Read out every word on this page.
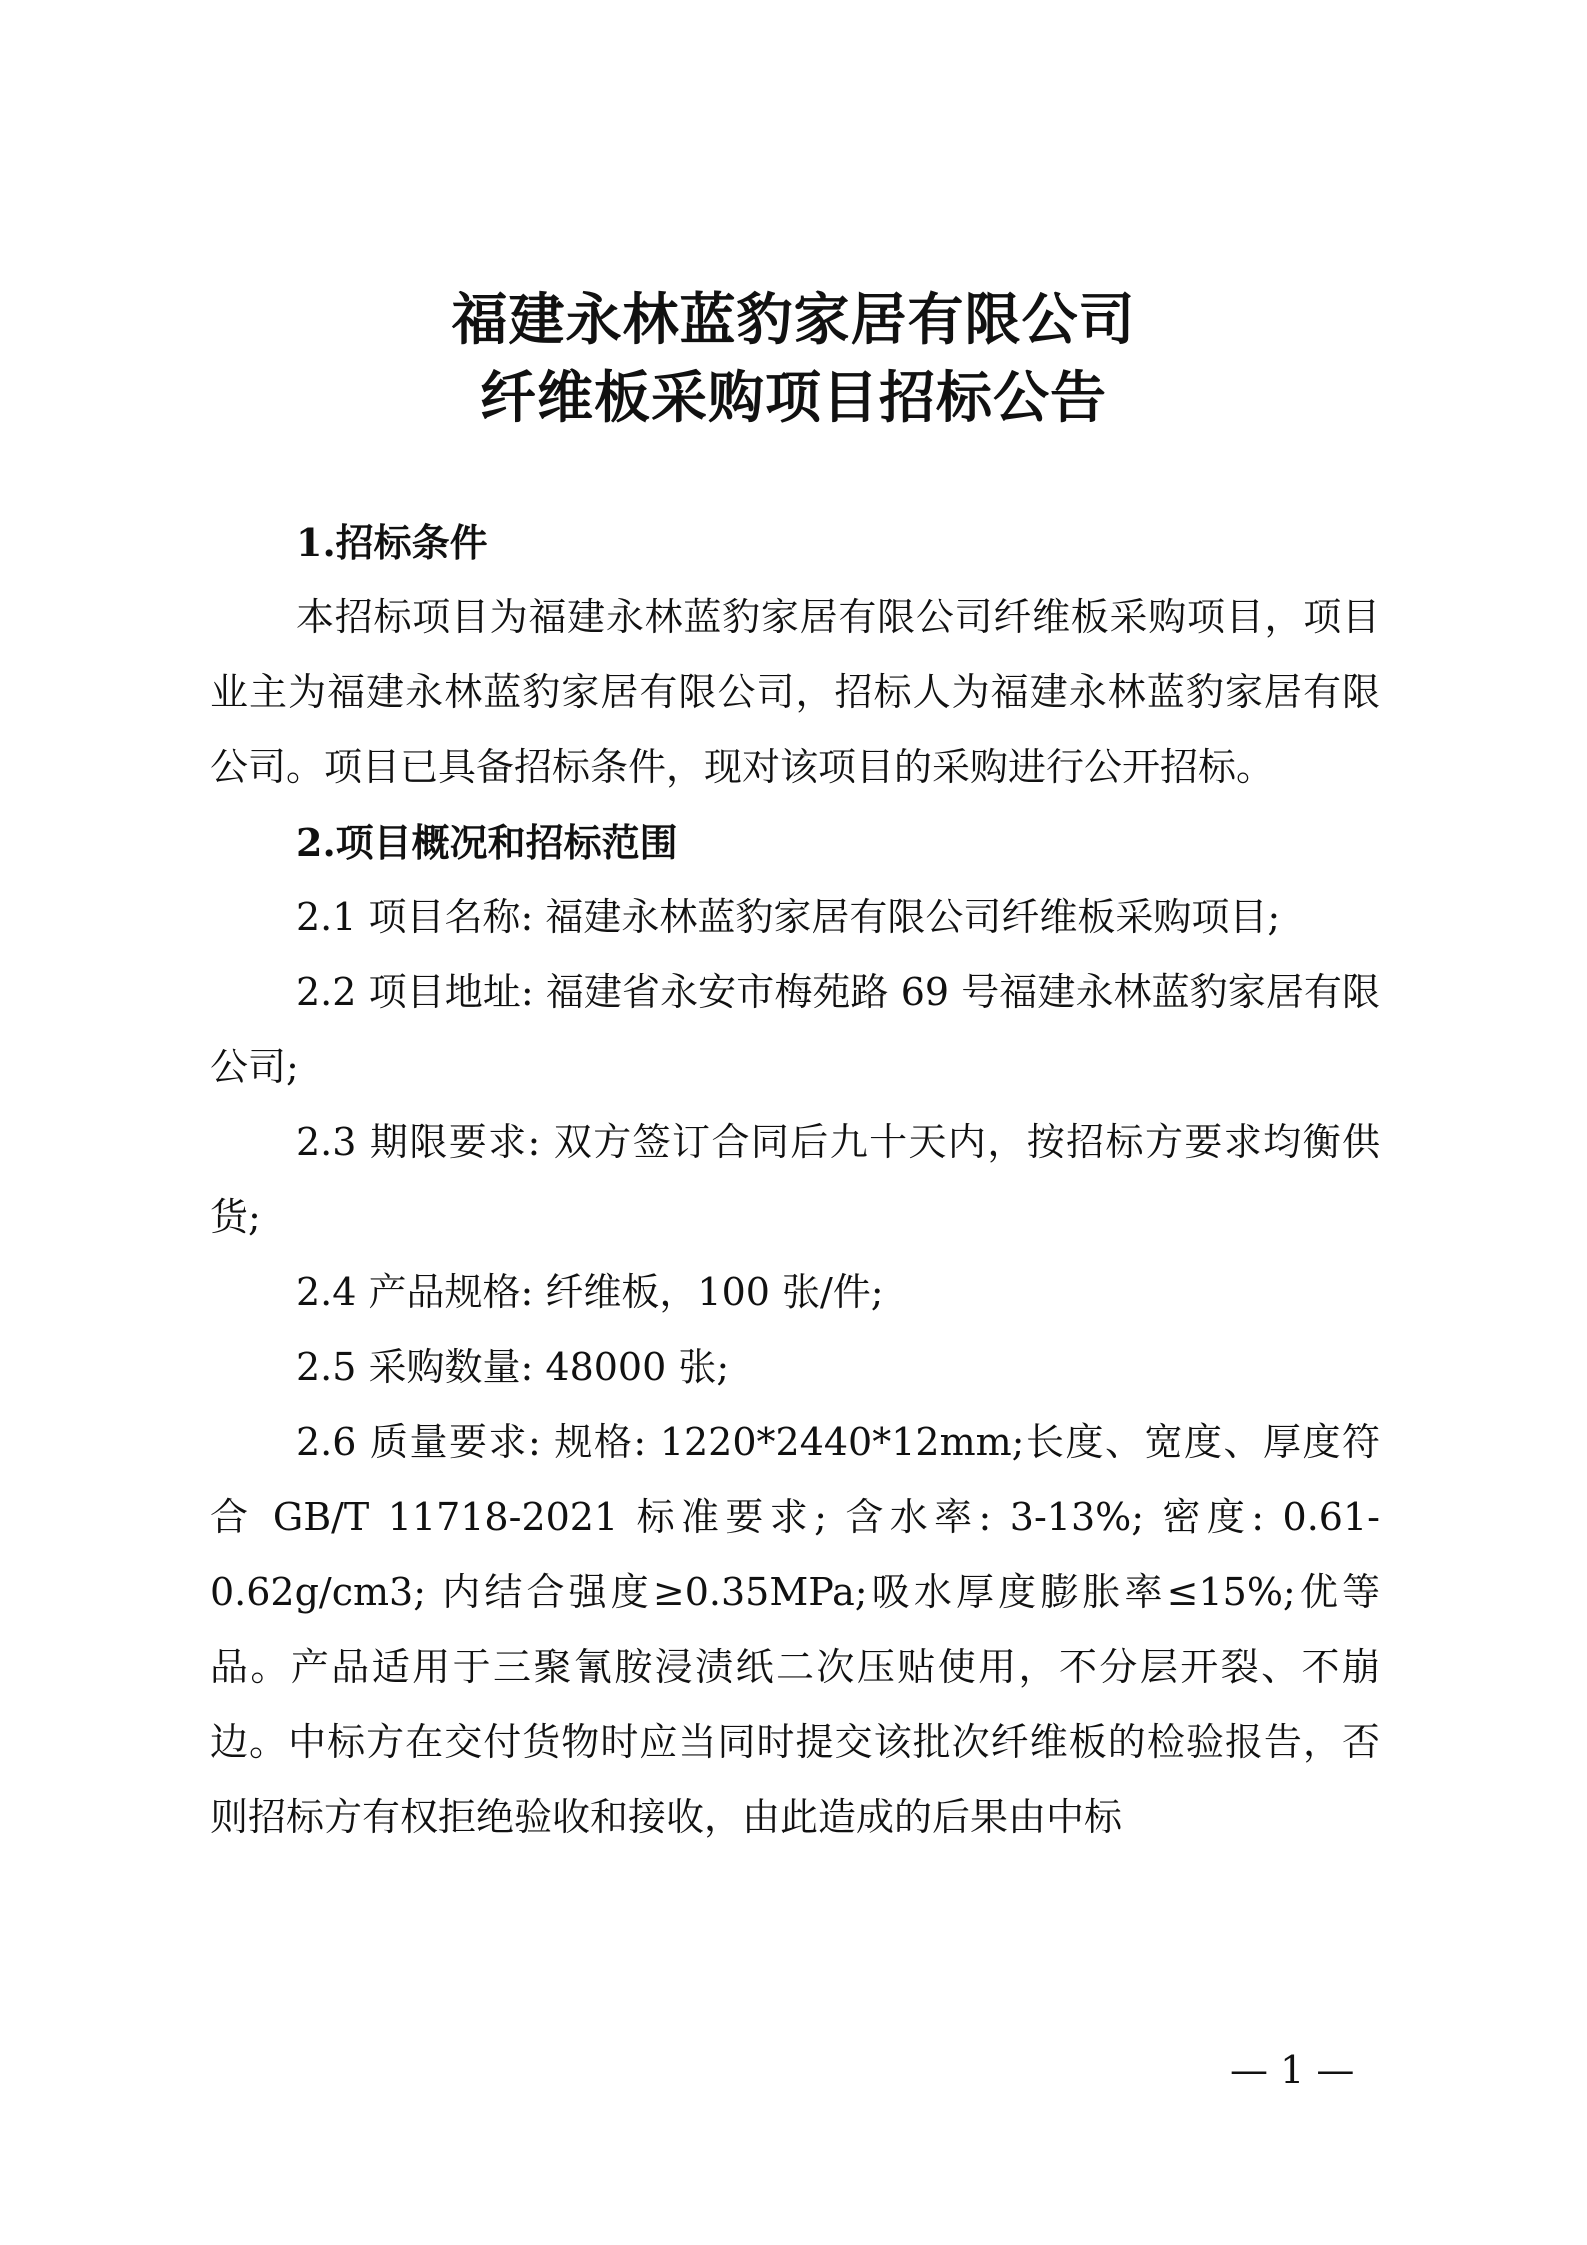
福建永林蓝豹家居有限公司
纤维板采购项目招标公告

1.招标条件

本招标项目为福建永林蓝豹家居有限公司纤维板采购项目，项目业主为福建永林蓝豹家居有限公司，招标人为福建永林蓝豹家居有限公司。项目已具备招标条件，现对该项目的采购进行公开招标。

2.项目概况和招标范围

2.1 项目名称: 福建永林蓝豹家居有限公司纤维板采购项目;

2.2 项目地址: 福建省永安市梅苑路 69 号福建永林蓝豹家居有限公司;

2.3 期限要求: 双方签订合同后九十天内，按招标方要求均衡供货;

2.4 产品规格: 纤维板，100 张/件;

2.5 采购数量: 48000 张;

2.6 质量要求: 规格: 1220*2440*12mm;长度、宽度、厚度符合 GB/T 11718-2021 标准要求; 含水率: 3-13%; 密度: 0.61-0.62g/cm3; 内结合强度≥0.35MPa;吸水厚度膨胀率≤15%;优等品。产品适用于三聚氰胺浸渍纸二次压贴使用，不分层开裂、不崩边。中标方在交付货物时应当同时提交该批次纤维板的检验报告，否则招标方有权拒绝验收和接收，由此造成的后果由中标

— 1 —
